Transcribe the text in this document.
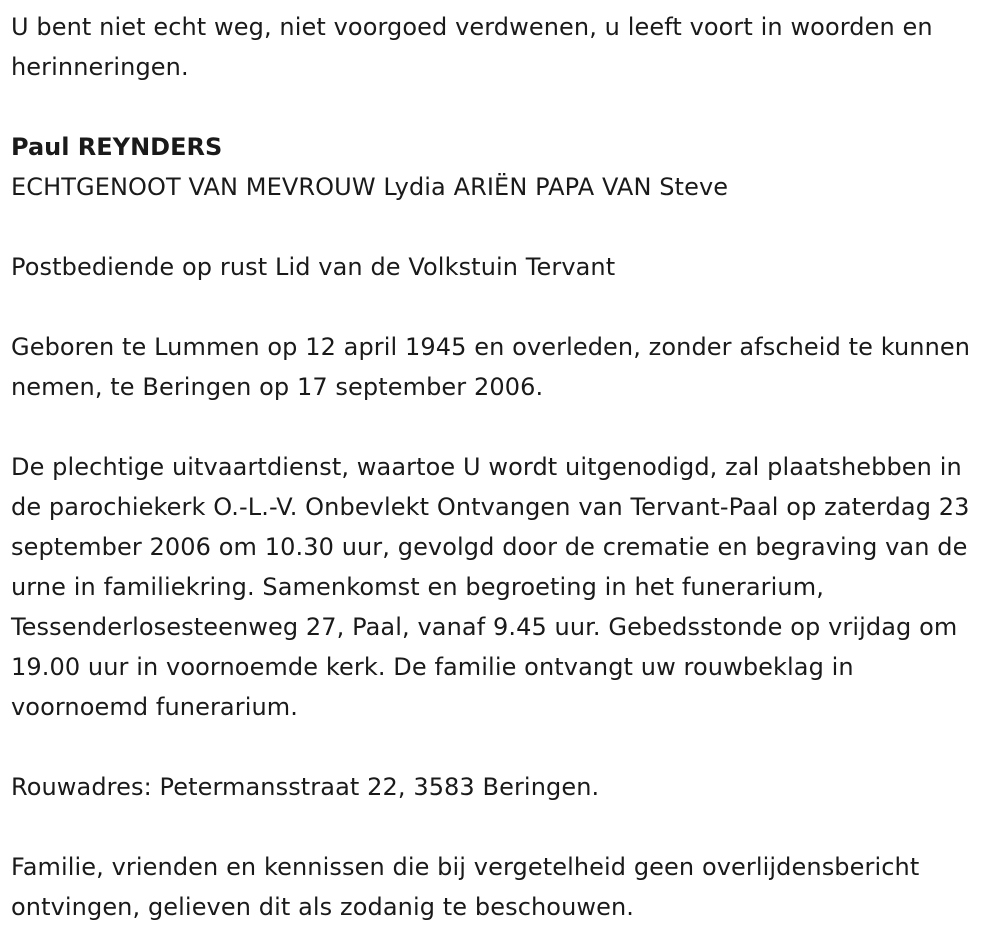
U bent niet echt weg, niet voorgoed verdwenen, u leeft voort in woorden en herinneringen.

Paul REYNDERS

ECHTGENOOT VAN MEVROUW Lydia ARIËN PAPA VAN Steve

Postbediende op rust Lid van de Volkstuin Tervant

Geboren te Lummen op 12 april 1945 en overleden, zonder afscheid te kunnen nemen, te Beringen op 17 september 2006.

De plechtige uitvaartdienst, waartoe U wordt uitgenodigd, zal plaatshebben in de parochiekerk O.-L.-V. Onbevlekt Ontvangen van Tervant-Paal op zaterdag 23 september 2006 om 10.30 uur, gevolgd door de crematie en begraving van de urne in familiekring. Samenkomst en begroeting in het funerarium, Tessenderlosesteenweg 27, Paal, vanaf 9.45 uur. Gebedsstonde op vrijdag om 19.00 uur in voornoemde kerk. De familie ontvangt uw rouwbeklag in voornoemd funerarium.

Rouwadres: Petermansstraat 22, 3583 Beringen.

Familie, vrienden en kennissen die bij vergetelheid geen overlijdensbericht ontvingen, gelieven dit als zodanig te beschouwen.
